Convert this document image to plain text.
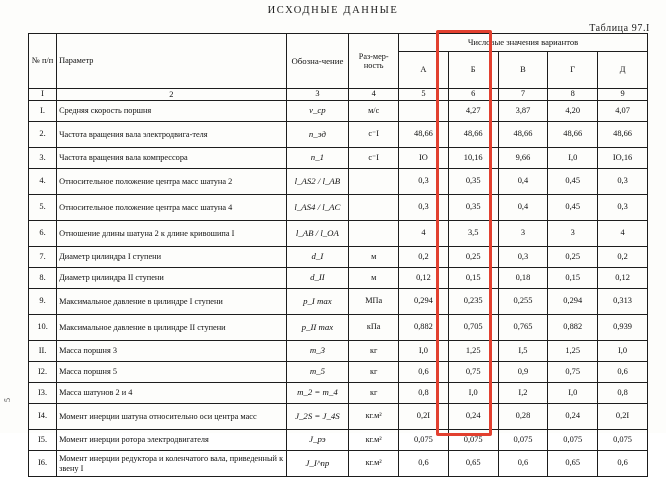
ИСХОДНЫЕ ДАННЫЕ
Таблица 97.I
5
№ п/п	Параметр	Обозна-чение	Раз-мер-ность	Числовые значения вариантов				
				А	Б	В	Г	Д
I	2	3	4	5	6	7	8	9
I.	Средняя скорость поршня	v_ср	м/с		4,27	3,87	4,20	4,07
2.	Частота вращения вала электродвига-теля	n_эд	с⁻I	48,66	48,66	48,66	48,66	48,66
3.	Частота вращения вала компрессора	n_1	с⁻I	IO	10,16	9,66	I,0	IO,16
4.	Относительное положение центра масс шатуна 2	l_AS2 / l_AB		0,3	0,35	0,4	0,45	0,3
5.	Относительное положение центра масс шатуна 4	l_AS4 / l_AC		0,3	0,35	0,4	0,45	0,3
6.	Отношение длины шатуна 2 к длине кривошипа I	l_AB / l_OA		4	3,5	3	3	4
7.	Диаметр цилиндра I ступени	d_I	м	0,2	0,25	0,3	0,25	0,2
8.	Диаметр цилиндра II ступени	d_II	м	0,12	0,15	0,18	0,15	0,12
9.	Максимальное давление в цилиндре I ступени	p_I max	МПа	0,294	0,235	0,255	0,294	0,313
10.	Максимальное давление в цилиндре II ступени	p_II max	кПа	0,882	0,705	0,765	0,882	0,939
II.	Масса поршня 3	m_3	кг	I,0	1,25	I,5	1,25	I,0
I2.	Масса поршня 5	m_5	кг	0,6	0,75	0,9	0,75	0,6
I3.	Масса шатунов 2 и 4	m_2 = m_4	кг	0,8	I,0	I,2	I,0	0,8
I4.	Момент инерции шатуна относительно оси центра масс	J_2S = J_4S	кг.м²	0,2I	0,24	0,28	0,24	0,2I
I5.	Момент инерции ротора электродвигателя	J_рэ	кг.м²	0,075	0,075	0,075	0,075	0,075
I6.	Момент инерции редуктора и коленчатого вала, приведенный к звену I	J_I^пр	кг.м²	0,6	0,65	0,6	0,65	0,6
